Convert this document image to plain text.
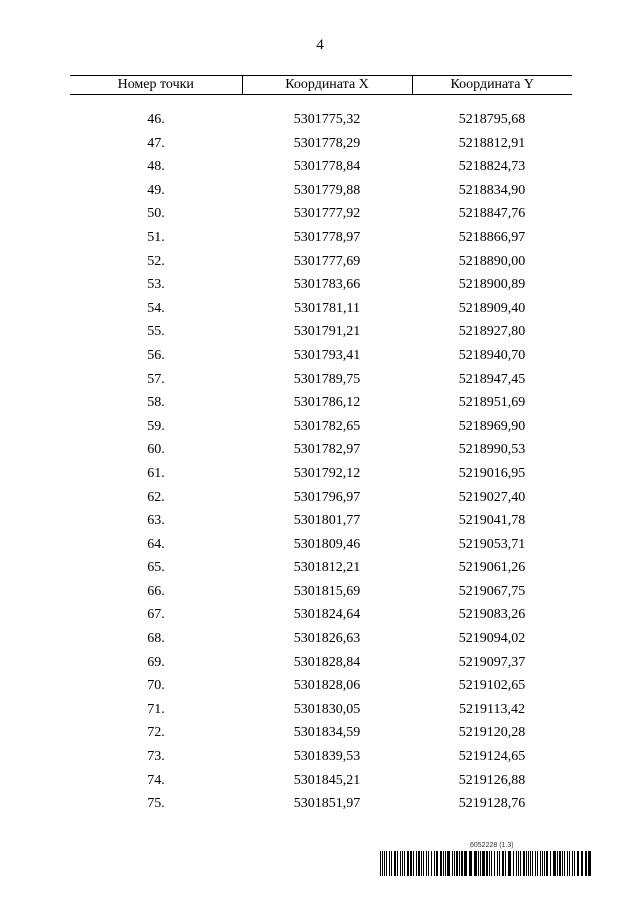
4
Номер точки	Координата X	Координата Y

46.	5301775,32	5218795,68
47.	5301778,29	5218812,91
48.	5301778,84	5218824,73
49.	5301779,88	5218834,90
50.	5301777,92	5218847,76
51.	5301778,97	5218866,97
52.	5301777,69	5218890,00
53.	5301783,66	5218900,89
54.	5301781,11	5218909,40
55.	5301791,21	5218927,80
56.	5301793,41	5218940,70
57.	5301789,75	5218947,45
58.	5301786,12	5218951,69
59.	5301782,65	5218969,90
60.	5301782,97	5218990,53
61.	5301792,12	5219016,95
62.	5301796,97	5219027,40
63.	5301801,77	5219041,78
64.	5301809,46	5219053,71
65.	5301812,21	5219061,26
66.	5301815,69	5219067,75
67.	5301824,64	5219083,26
68.	5301826,63	5219094,02
69.	5301828,84	5219097,37
70.	5301828,06	5219102,65
71.	5301830,05	5219113,42
72.	5301834,59	5219120,28
73.	5301839,53	5219124,65
74.	5301845,21	5219126,88
75.	5301851,97	5219128,76
6052228 (1.3)
